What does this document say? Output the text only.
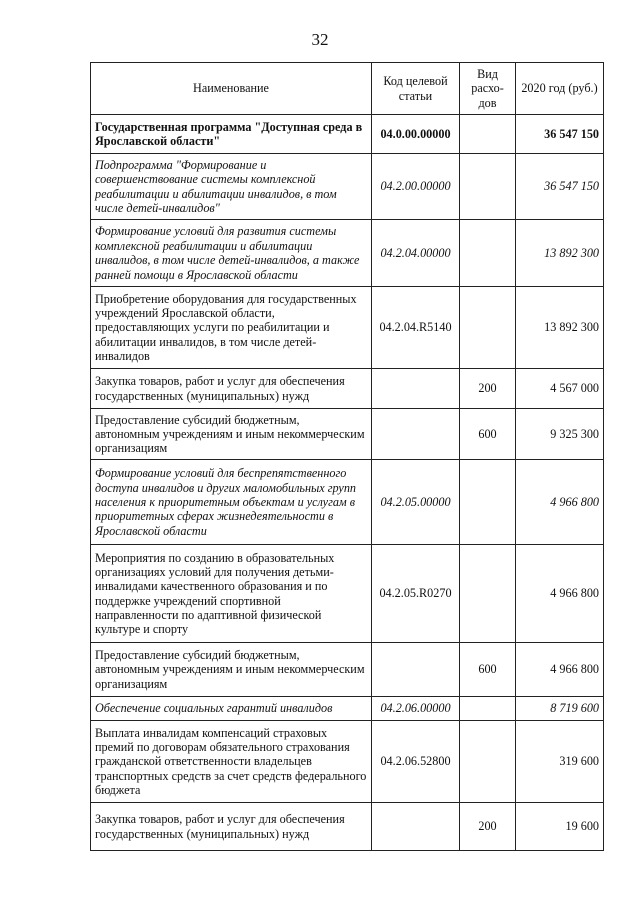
32
Наименование	Код целевой статьи	Вид расхо-дов	2020 год (руб.)
Государственная программа "Доступная среда в Ярославской области"	04.0.00.00000		36 547 150
Подпрограмма "Формирование и совершенствование системы комплексной реабилитации и абилитации инвалидов, в том числе детей-инвалидов"	04.2.00.00000		36 547 150
Формирование условий для развития системы комплексной реабилитации и абилитации инвалидов, в том числе детей-инвалидов, а также ранней помощи в Ярославской области	04.2.04.00000		13 892 300
Приобретение оборудования для государственных учреждений Ярославской области, предоставляющих услуги по реабилитации и абилитации инвалидов, в том числе детей-инвалидов	04.2.04.R5140		13 892 300
Закупка товаров, работ и услуг для обеспечения государственных (муниципальных) нужд		200	4 567 000
Предоставление субсидий бюджетным, автономным учреждениям и иным некоммерческим организациям		600	9 325 300
Формирование условий для беспрепятственного доступа инвалидов и других маломобильных групп населения к приоритетным объектам и услугам в приоритетных сферах жизнедеятельности в Ярославской области	04.2.05.00000		4 966 800
Мероприятия по созданию в образовательных организациях условий для получения детьми-инвалидами качественного образования и по поддержке учреждений спортивной направленности по адаптивной физической культуре и спорту	04.2.05.R0270		4 966 800
Предоставление субсидий бюджетным, автономным учреждениям и иным некоммерческим организациям		600	4 966 800
Обеспечение социальных гарантий инвалидов	04.2.06.00000		8 719 600
Выплата инвалидам компенсаций страховых премий по договорам обязательного страхования гражданской ответственности владельцев транспортных средств за счет средств федерального бюджета	04.2.06.52800		319 600
Закупка товаров, работ и услуг для обеспечения государственных (муниципальных) нужд		200	19 600
